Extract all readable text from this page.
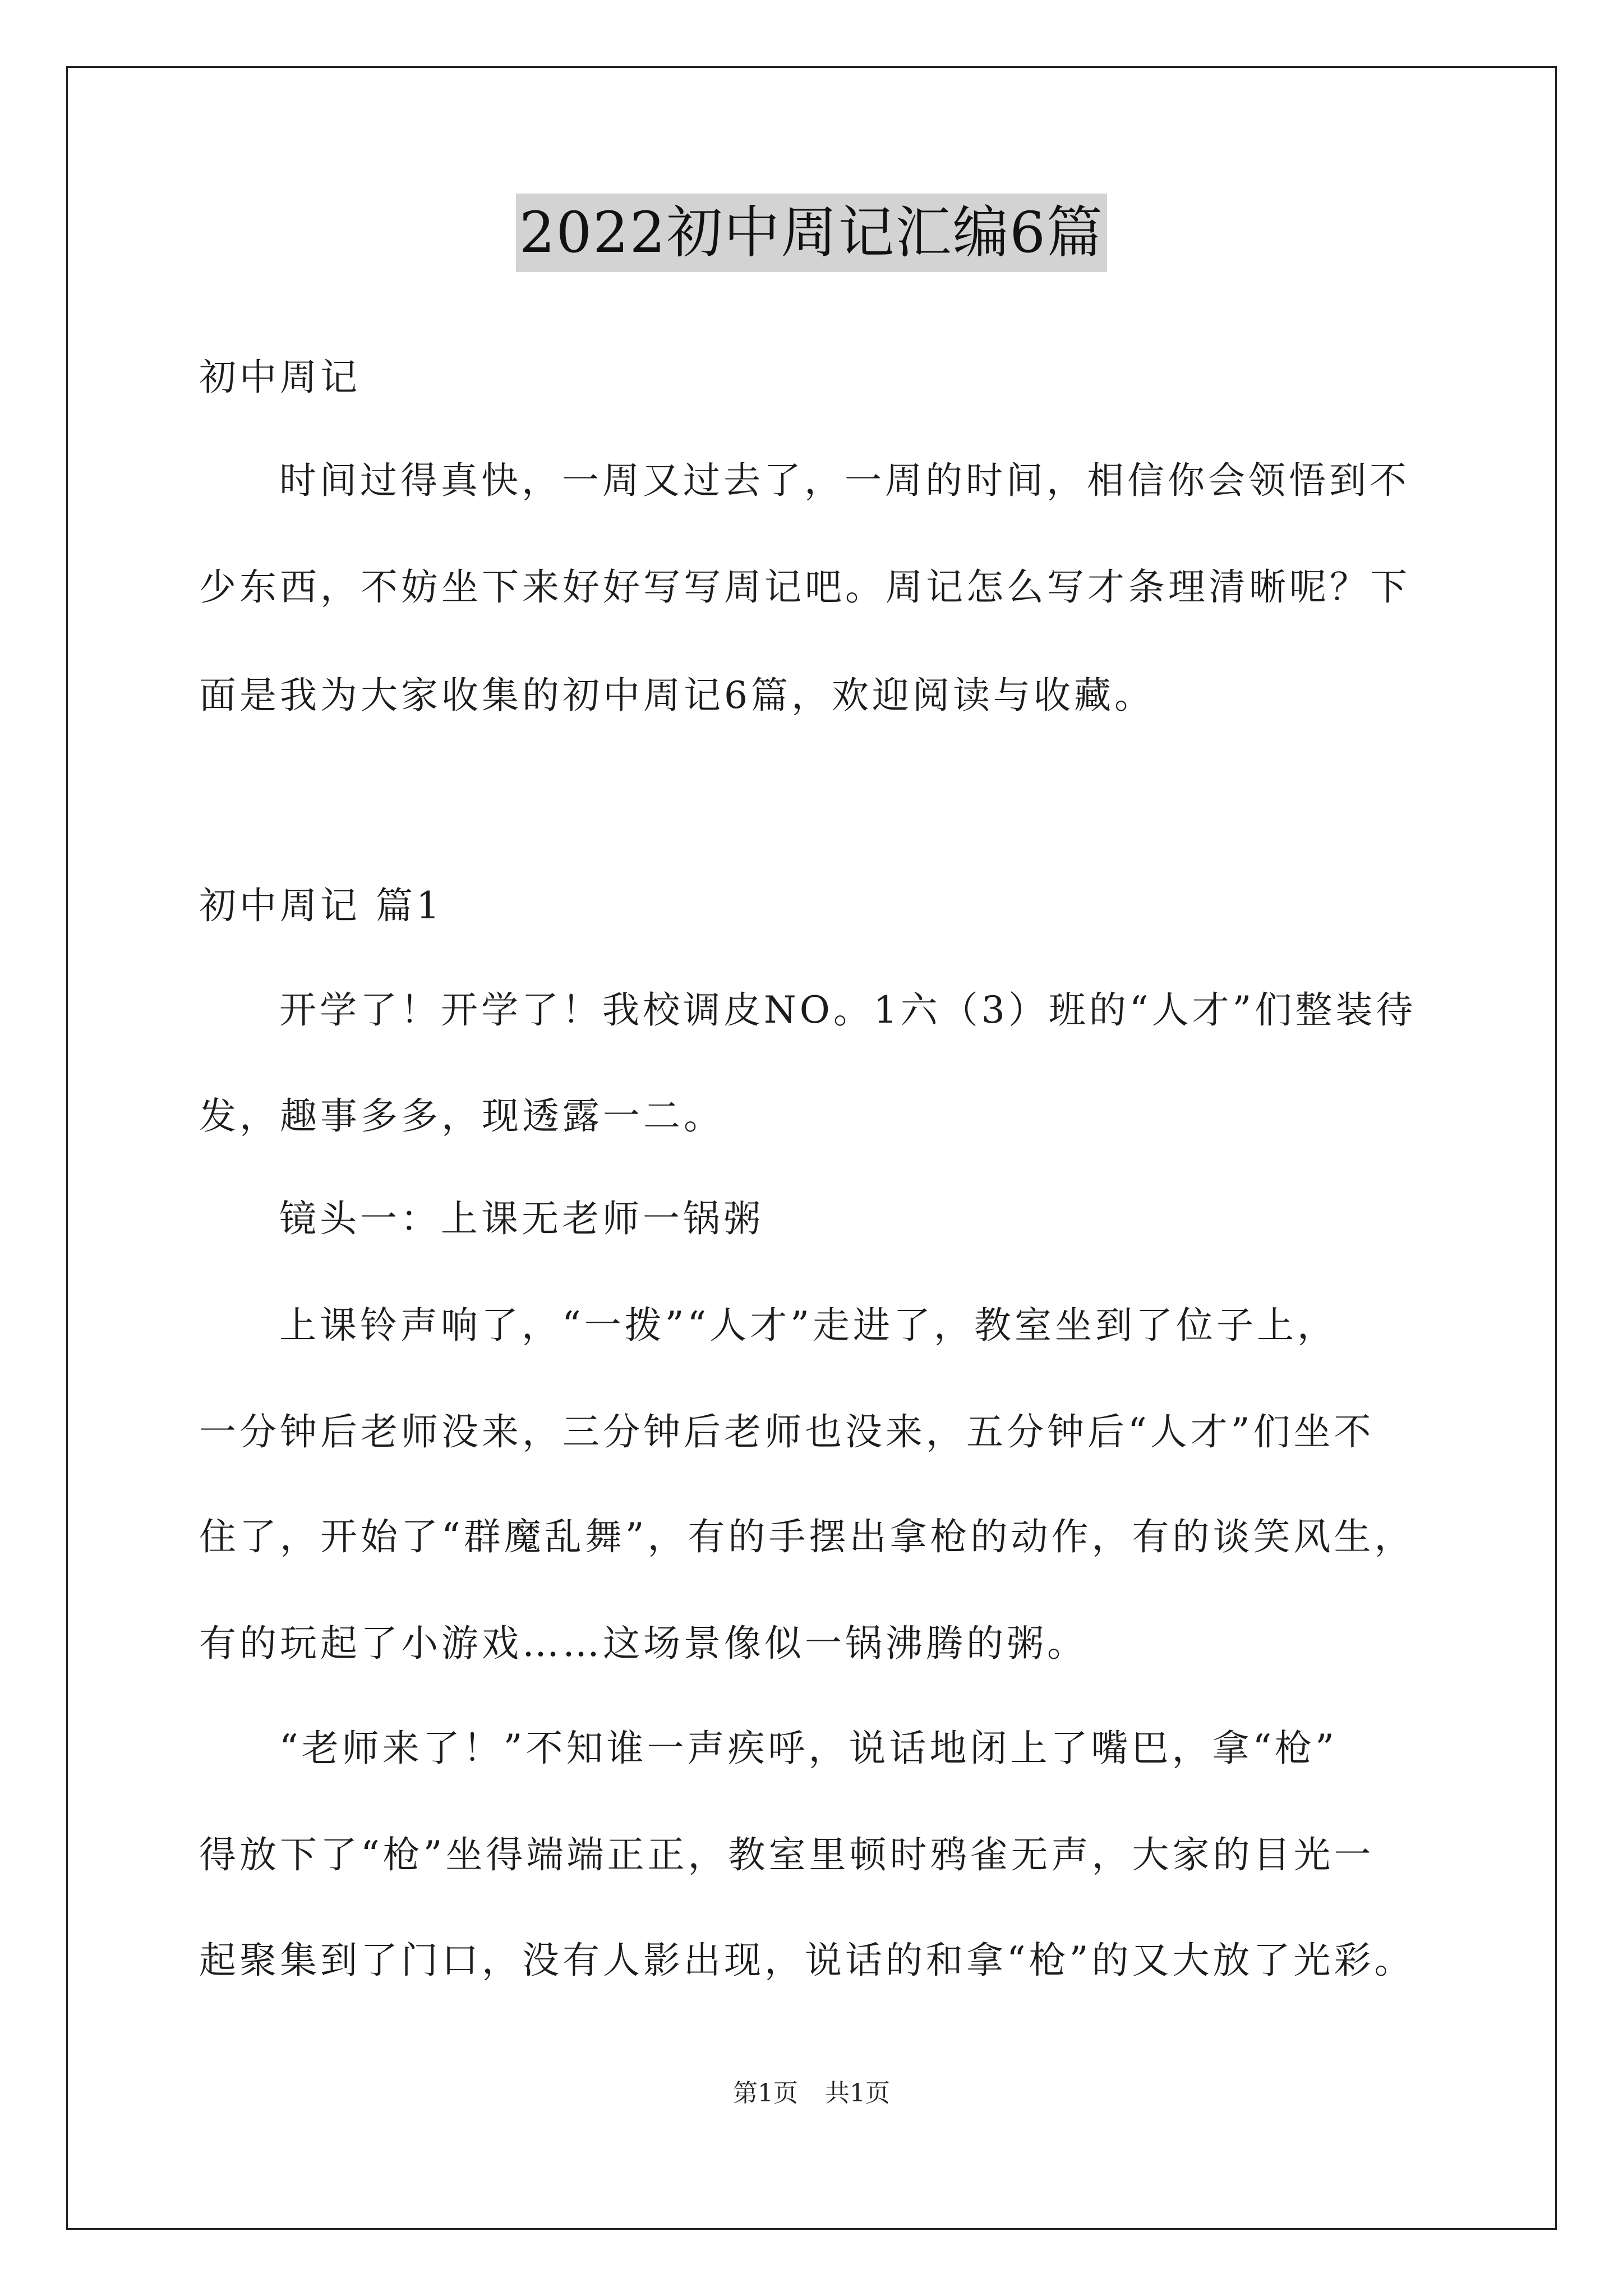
2022初中周记汇编6篇
初中周记
时间过得真快，一周又过去了，一周的时间，相信你会领悟到不
少东西，不妨坐下来好好写写周记吧。周记怎么写才条理清晰呢？下
面是我为大家收集的初中周记6篇，欢迎阅读与收藏。
初中周记 篇1
开学了！开学了！我校调皮NO。1六（3）班的“人才”们整装待
发，趣事多多，现透露一二。
镜头一：上课无老师一锅粥
上课铃声响了，“一拨”“人才”走进了，教室坐到了位子上，
一分钟后老师没来，三分钟后老师也没来，五分钟后“人才”们坐不
住了，开始了“群魔乱舞”，有的手摆出拿枪的动作，有的谈笑风生，
有的玩起了小游戏……这场景像似一锅沸腾的粥。
“老师来了！”不知谁一声疾呼，说话地闭上了嘴巴，拿“枪”
得放下了“枪”坐得端端正正，教室里顿时鸦雀无声，大家的目光一
起聚集到了门口，没有人影出现，说话的和拿“枪”的又大放了光彩。
第1页 共1页
